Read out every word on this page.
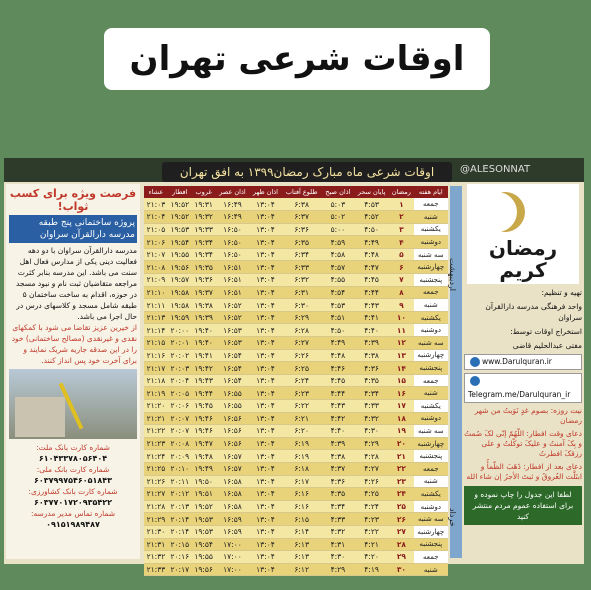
اوقات شرعی تهران
اوقات شرعی ماه مبارک رمضان۱۳۹۹ به افق تهران	@ALESONNAT
فرصت ویژه برای کسب ثواب!
پروژه ساختمانی پنج طبقه مدرسه دارالقرآن سراوان
مدرسه دارالقرآن سراوان با دو دهه فعالیت دینی یکی از مدارس فعال اهل سنت می باشد. این مدرسه بنابر کثرت مراجعه متقاضیان ثبت نام و نبود مسجد در حوزه، اقدام به ساخت ساختمان ۵ طبقه شامل مسجد و کلاسهای درس در حال اجرا می باشد.
از خیرین عزیز تقاضا می شود با کمکهای نقدی و غیرنقدی (مصالح ساختمانی) خود را در این صدقه جاریه شریک نمایند و برای آخرت خود پس انداز کنند.
شماره کارت بانک ملت:
۶۱۰۴۳۳۷۸۰۵۶۴۰۴
شماره کارت بانک ملی:
۶۰۳۷۹۹۷۵۴۶۰۵۱۸۴۳
شماره کارت بانک کشاورزی:
۶۰۳۷۷۰۱۷۲۰۹۳۵۴۲۲
شماره تماس مدیر مدرسه:
۰۹۱۵۱۹۸۹۴۸۷
ایام هفته	رمضان	پایان سحر	اذان صبح	طلوع آفتاب	اذان ظهر	اذان عصر	غروب	افطار	عشاء
جمعه	۱	۴:۵۳	۵:۰۳	۶:۳۸	۱۳:۰۴	۱۶:۴۹	۱۹:۳۱	۱۹:۵۲	۲۱:۰۳
شنبه	۲	۴:۵۲	۵:۰۲	۶:۳۷	۱۳:۰۴	۱۶:۴۹	۱۹:۳۲	۱۹:۵۲	۲۱:۰۴
یکشنبه	۳	۴:۵۰	۵:۰۰	۶:۳۶	۱۳:۰۴	۱۶:۵۰	۱۹:۳۳	۱۹:۵۳	۲۱:۰۵
دوشنبه	۴	۴:۴۹	۴:۵۹	۶:۳۵	۱۳:۰۴	۱۶:۵۰	۱۹:۳۴	۱۹:۵۴	۲۱:۰۶
سه شنبه	۵	۴:۴۸	۴:۵۸	۶:۳۴	۱۳:۰۴	۱۶:۵۰	۱۹:۳۴	۱۹:۵۵	۲۱:۰۷
چهارشنبه	۶	۴:۴۷	۴:۵۷	۶:۳۳	۱۳:۰۴	۱۶:۵۱	۱۹:۳۵	۱۹:۵۶	۲۱:۰۸
پنجشنبه	۷	۴:۴۵	۴:۵۵	۶:۳۲	۱۳:۰۴	۱۶:۵۱	۱۹:۳۶	۱۹:۵۷	۲۱:۰۹
جمعه	۸	۴:۴۴	۴:۵۴	۶:۳۱	۱۳:۰۴	۱۶:۵۱	۱۹:۳۷	۱۹:۵۸	۲۱:۱۰
شنبه	۹	۴:۴۳	۴:۵۳	۶:۳۰	۱۳:۰۴	۱۶:۵۲	۱۹:۳۸	۱۹:۵۸	۲۱:۱۱
یکشنبه	۱۰	۴:۴۱	۴:۵۱	۶:۲۹	۱۳:۰۴	۱۶:۵۲	۱۹:۳۹	۱۹:۵۹	۲۱:۱۳
دوشنبه	۱۱	۴:۴۰	۴:۵۰	۶:۲۸	۱۳:۰۴	۱۶:۵۳	۱۹:۴۰	۲۰:۰۰	۲۱:۱۴
سه شنبه	۱۲	۴:۳۹	۴:۴۹	۶:۲۷	۱۳:۰۴	۱۶:۵۳	۱۹:۴۰	۲۰:۰۱	۲۱:۱۵
چهارشنبه	۱۳	۴:۳۸	۴:۴۸	۶:۲۶	۱۳:۰۴	۱۶:۵۴	۱۹:۴۱	۲۰:۰۲	۲۱:۱۶
پنجشنبه	۱۴	۴:۳۶	۴:۴۶	۶:۲۵	۱۳:۰۴	۱۶:۵۴	۱۹:۴۲	۲۰:۰۳	۲۱:۱۷
جمعه	۱۵	۴:۳۵	۴:۴۵	۶:۲۴	۱۳:۰۴	۱۶:۵۴	۱۹:۴۳	۲۰:۰۴	۲۱:۱۸
شنبه	۱۶	۴:۳۴	۴:۴۴	۶:۲۳	۱۳:۰۴	۱۶:۵۵	۱۹:۴۴	۲۰:۰۵	۲۱:۱۹
یکشنبه	۱۷	۴:۳۳	۴:۴۳	۶:۲۲	۱۳:۰۴	۱۶:۵۵	۱۹:۴۵	۲۰:۰۶	۲۱:۲۰
دوشنبه	۱۸	۴:۳۲	۴:۴۲	۶:۲۱	۱۳:۰۴	۱۶:۵۶	۱۹:۴۶	۲۰:۰۷	۲۱:۲۱
سه شنبه	۱۹	۴:۳۰	۴:۴۰	۶:۲۰	۱۳:۰۴	۱۶:۵۶	۱۹:۴۶	۲۰:۰۷	۲۱:۲۲
چهارشنبه	۲۰	۴:۲۹	۴:۳۹	۶:۱۹	۱۳:۰۴	۱۶:۵۶	۱۹:۴۷	۲۰:۰۸	۲۱:۲۳
پنجشنبه	۲۱	۴:۲۸	۴:۳۸	۶:۱۹	۱۳:۰۴	۱۶:۵۷	۱۹:۴۸	۲۰:۰۹	۲۱:۲۴
جمعه	۲۲	۴:۲۷	۴:۳۷	۶:۱۸	۱۳:۰۴	۱۶:۵۷	۱۹:۴۹	۲۰:۱۰	۲۱:۲۵
شنبه	۲۳	۴:۲۶	۴:۳۶	۶:۱۷	۱۳:۰۴	۱۶:۵۸	۱۹:۵۰	۲۰:۱۱	۲۱:۲۶
یکشنبه	۲۴	۴:۲۵	۴:۳۵	۶:۱۶	۱۳:۰۴	۱۶:۵۸	۱۹:۵۱	۲۰:۱۲	۲۱:۲۷
دوشنبه	۲۵	۴:۲۴	۴:۳۴	۶:۱۶	۱۳:۰۴	۱۶:۵۸	۱۹:۵۲	۲۰:۱۳	۲۱:۲۸
سه شنبه	۲۶	۴:۲۳	۴:۳۳	۶:۱۵	۱۳:۰۴	۱۶:۵۹	۱۹:۵۳	۲۰:۱۴	۲۱:۲۹
چهارشنبه	۲۷	۴:۲۲	۴:۳۲	۶:۱۴	۱۳:۰۴	۱۶:۵۹	۱۹:۵۳	۲۰:۱۴	۲۱:۳۰
پنجشنبه	۲۸	۴:۲۱	۴:۳۱	۶:۱۳	۱۳:۰۴	۱۷:۰۰	۱۹:۵۴	۲۰:۱۵	۲۱:۳۱
جمعه	۲۹	۴:۲۰	۴:۳۰	۶:۱۳	۱۳:۰۴	۱۷:۰۰	۱۹:۵۵	۲۰:۱۶	۲۱:۳۲
شنبه	۳۰	۴:۱۹	۴:۲۹	۶:۱۲	۱۳:۰۴	۱۷:۰۰	۱۹:۵۶	۲۰:۱۷	۲۱:۳۳
اردیبهشت
خرداد
رمضان
کریم
تهیه و تنظیم:
واحد فرهنگی مدرسه دارالقرآن سراوان
استخراج اوقات توسط:
مفتی عبدالحلیم قاضی
www.Darulquran.ir
Telegram.me/Darulquran_ir
نیت روزه: بصوم غدٍ نَوَیتُ من شهر رمضان
دعای وقت افطار: اللّهُمّ إنّی لکَ صُمتُ و بِکَ آمنتُ و علیکَ توکّلتُ و علی رزقکَ افطرتُ
دعای بعد از افطار: ذَهَبَ الظّمأُ و ابتَلَّت العُروقُ و ثبتَ الأجرُ إن شاء الله
لطفا این جدول را چاپ نموده و برای استفاده عموم مردم منتشر کنید
